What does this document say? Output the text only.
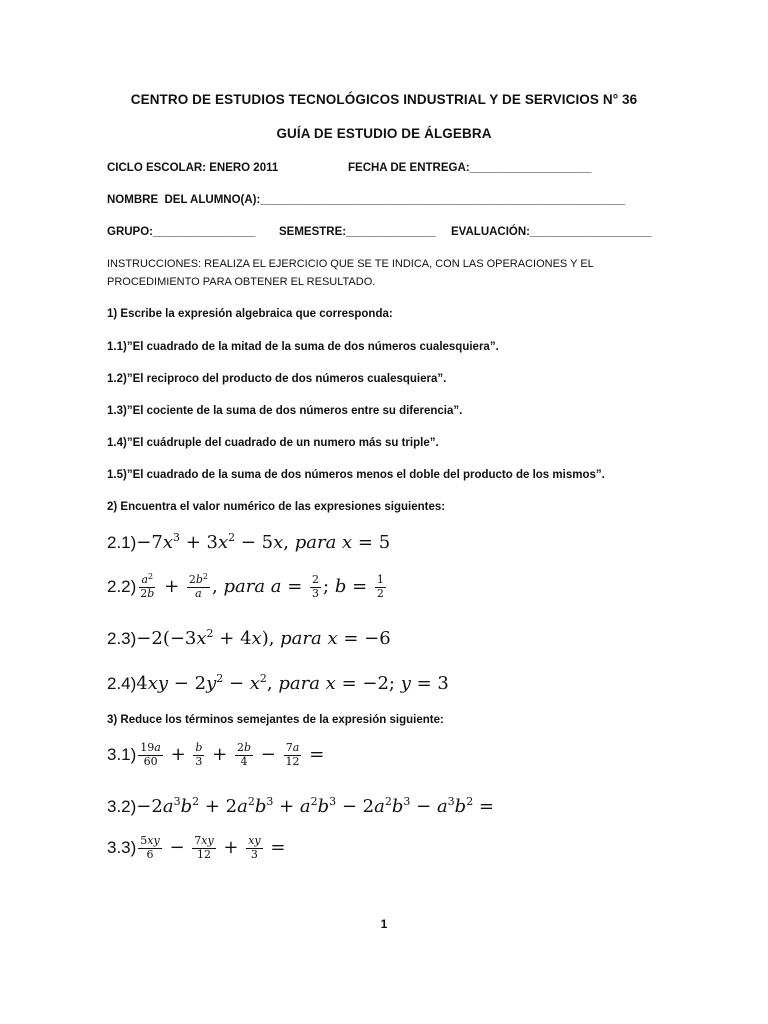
CENTRO DE ESTUDIOS TECNOLÓGICOS INDUSTRIAL Y DE SERVICIOS N° 36
GUÍA DE ESTUDIO DE ÁLGEBRA
CICLO ESCOLAR: ENERO 2011	FECHA DE ENTREGA:___________________
NOMBRE  DEL ALUMNO(A):_________________________________________________________
GRUPO:________________ SEMESTRE:______________ EVALUACIÓN:___________________
INSTRUCCIONES: REALIZA EL EJERCICIO QUE SE TE INDICA, CON LAS OPERACIONES Y EL
PROCEDIMIENTO PARA OBTENER EL RESULTADO.
1) Escribe la expresión algebraica que corresponda:
1.1)”El cuadrado de la mitad de la suma de dos números cualesquiera”.
1.2)”El reciproco del producto de dos números cualesquiera”.
1.3)”El cociente de la suma de dos números entre su diferencia”.
1.4)”El cuádruple del cuadrado de un numero más su triple”.
1.5)”El cuadrado de la suma de dos números menos el doble del producto de los mismos”.
2) Encuentra el valor numérico de las expresiones siguientes:
$2.1)-7x^3 + 3x^2 - 5x$, para x = 5
$2.2) \frac{a^2}{2b} + \frac{2b^2}{a}$ , para $a = \frac{2}{3}$ ; $b = \frac{1}{2}$
$2.3)-2(-3x^2 + 4x)$, para x = −6
$2.4)4xy - 2y^2 - x^2$, para x = −2; y = 3
3) Reduce los términos semejantes de la expresión siguiente:
$3.1) \frac{19a}{60} + \frac{b}{3} + \frac{2b}{4} - \frac{7a}{12}$ =
$3.2)-2a^3b^2 + 2a^2b^3 + a^2b^3 - 2a^2b^3 - a^3b^2$ =
$3.3) \frac{5xy}{6} - \frac{7xy}{12} + \frac{xy}{3}$ =
1
